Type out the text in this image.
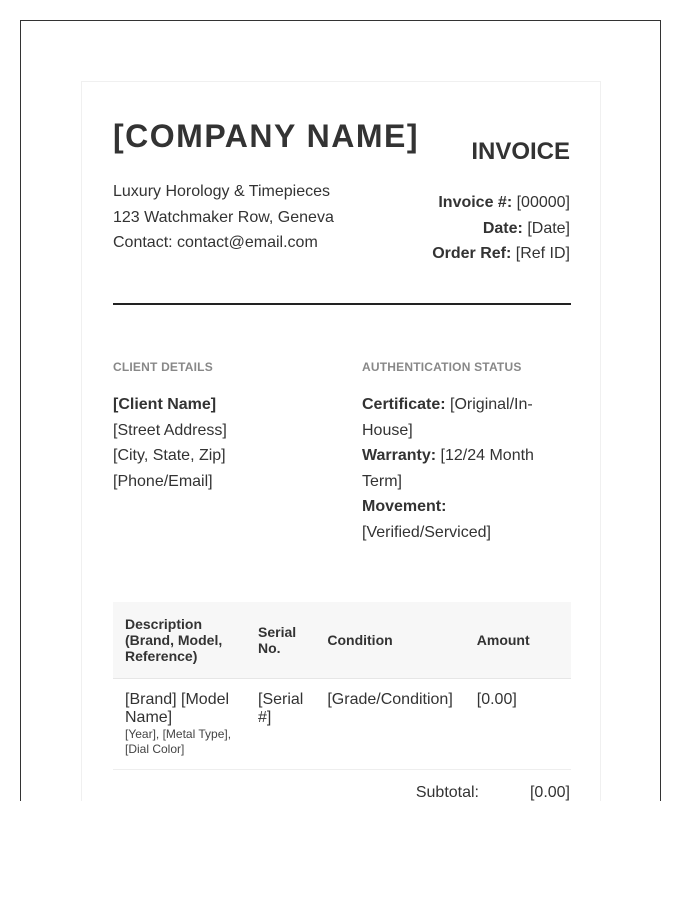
[COMPANY NAME] INVOICE
Luxury Horology & Timepieces
123 Watchmaker Row, Geneva
Contact: contact@email.com
Invoice #: [00000]
Date: [Date]
Order Ref: [Ref ID]
CLIENT DETAILS	AUTHENTICATION STATUS
[Client Name]
[Street Address]
[City, State, Zip]
[Phone/Email]
Certificate: [Original/In-House]
Warranty: [12/24 Month Term]
Movement: [Verified/Serviced]
Description (Brand, Model, Reference)	Serial No.	Condition	Amount
[Brand] [Model Name]
[Year], [Metal Type], [Dial Color]	[Serial #]	[Grade/Condition]	[0.00]
Subtotal:	[0.00]
